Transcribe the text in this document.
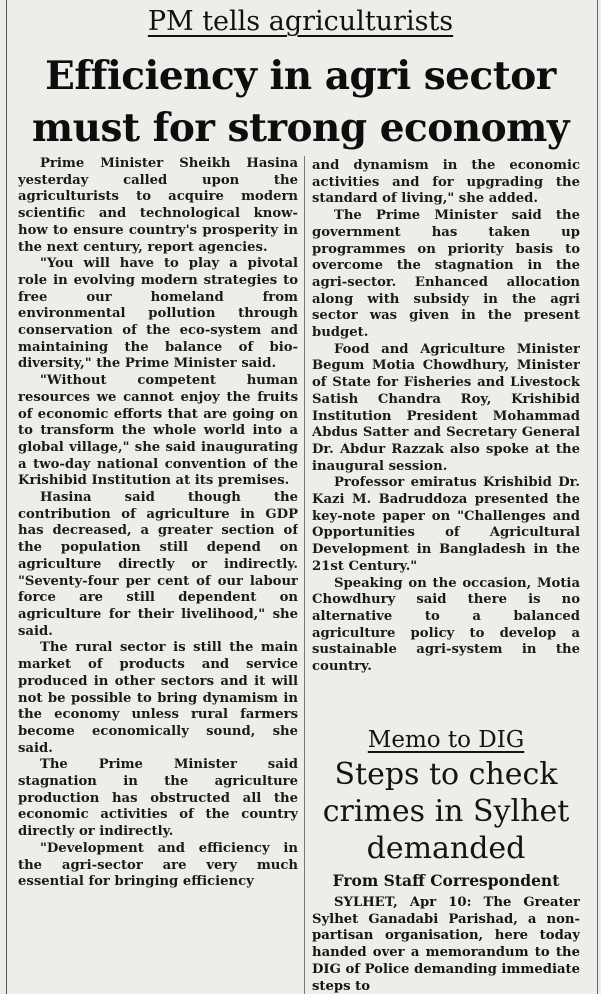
PM tells agriculturists
Efficiency in agri sector
must for strong economy

Prime Minister Sheikh Hasina yesterday called upon the agriculturists to acquire modern scientific and technological know-how to ensure country's prosperity in the next century, report agencies.

"You will have to play a pivotal role in evolving modern strategies to free our homeland from environmental pollution through conservation of the eco-system and maintaining the balance of bio-diversity," the Prime Minister said.

"Without competent human resources we cannot enjoy the fruits of economic efforts that are going on to transform the whole world into a global village," she said inaugurating a two-day national convention of the Krishibid Institution at its premises.

Hasina said though the contribution of agriculture in GDP has decreased, a greater section of the population still depend on agriculture directly or indirectly. "Seventy-four per cent of our labour force are still dependent on agriculture for their livelihood," she said.

The rural sector is still the main market of products and service produced in other sectors and it will not be possible to bring dynamism in the economy unless rural farmers become economically sound, she said.

The Prime Minister said stagnation in the agriculture production has obstructed all the economic activities of the country directly or indirectly.

"Development and efficiency in the agri-sector are very much essential for bringing efficiency

and dynamism in the economic activities and for upgrading the standard of living," she added.

The Prime Minister said the government has taken up programmes on priority basis to overcome the stagnation in the agri-sector. Enhanced allocation along with subsidy in the agri sector was given in the present budget.

Food and Agriculture Minister Begum Motia Chowdhury, Minister of State for Fisheries and Livestock Satish Chandra Roy, Krishibid Institution President Mohammad Abdus Satter and Secretary General Dr. Abdur Razzak also spoke at the inaugural session.

Professor emiratus Krishibid Dr. Kazi M. Badruddoza presented the key-note paper on "Challenges and Opportunities of Agricultural Development in Bangladesh in the 21st Century."

Speaking on the occasion, Motia Chowdhury said there is no alternative to a balanced agriculture policy to develop a sustainable agri-system in the country.

Memo to DIG
Steps to check
crimes in Sylhet
demanded
From Staff Correspondent

SYLHET, Apr 10: The Greater Sylhet Ganadabi Parishad, a non-partisan organisation, here today handed over a memorandum to the DIG of Police demanding immediate steps to
